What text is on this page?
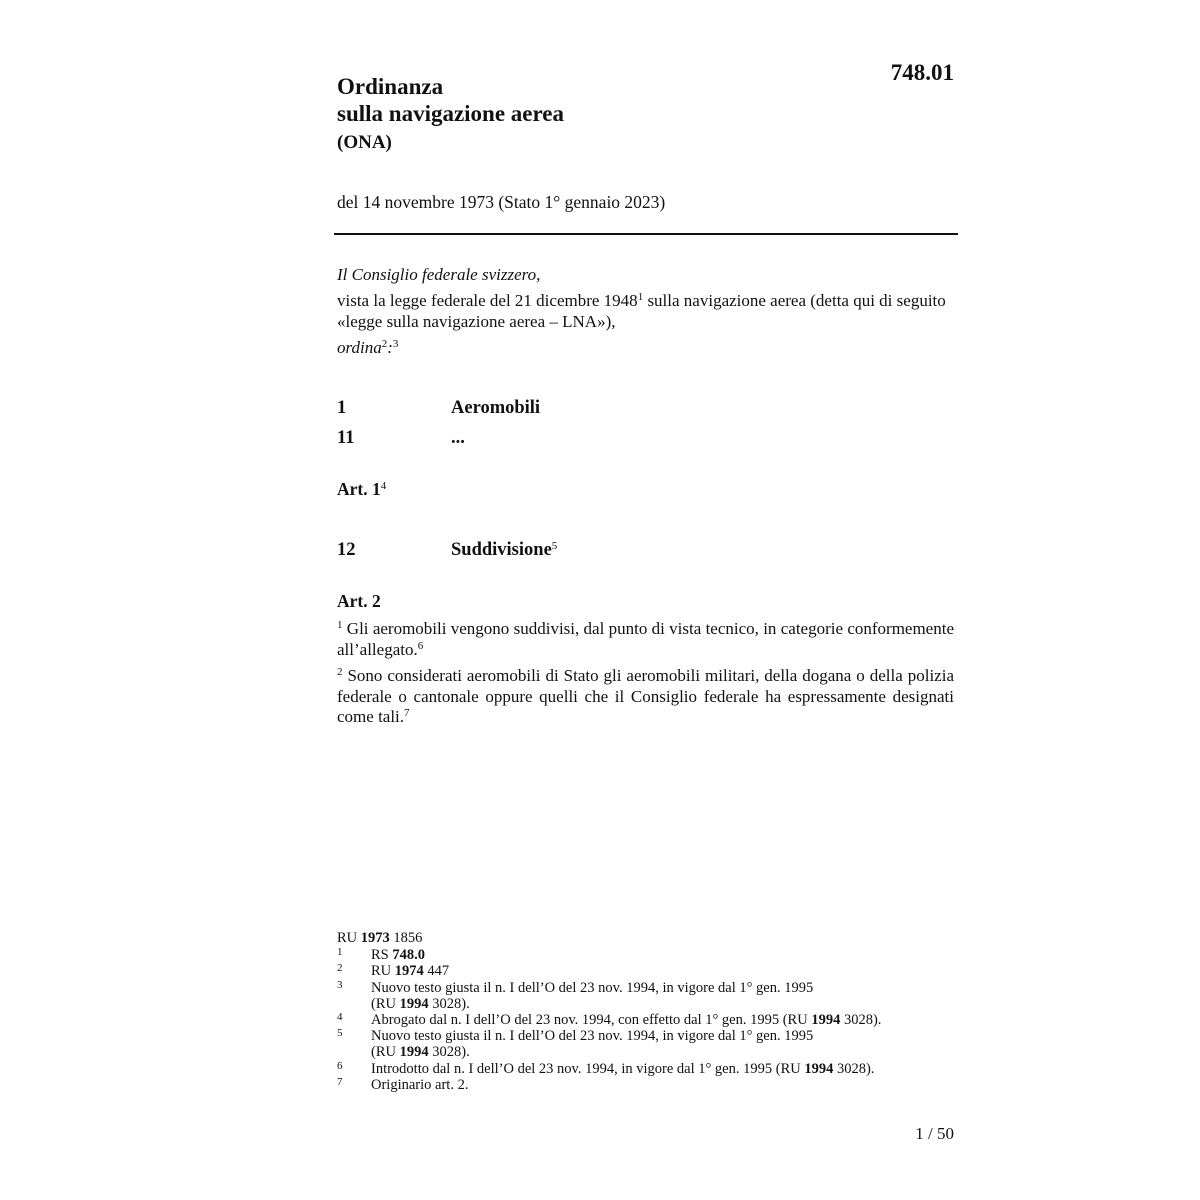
748.01
Ordinanza
sulla navigazione aerea
(ONA)
del 14 novembre 1973 (Stato 1° gennaio 2023)

Il Consiglio federale svizzero,

vista la legge federale del 21 dicembre 1948$^1$ sulla navigazione aerea (detta qui di seguito «legge sulla navigazione aerea – LNA»),

ordina$^2$:$^3$

1	Aeromobili
11	...
Art. $1^4$
12	Suddivisione$^5$
Art. 2
$^1$ Gli aeromobili vengono suddivisi, dal punto di vista tecnico, in categorie conformemente all’allegato.$^6$
$^2$ Sono considerati aeromobili di Stato gli aeromobili militari, della dogana o della polizia federale o cantonale oppure quelli che il Consiglio federale ha espressamente designati come tali.$^7$
RU 1973 1856
1 RS 748.0
2 RU 1974 447
3 Nuovo testo giusta il n. I dell’O del 23 nov. 1994, in vigore dal 1° gen. 1995
(RU 1994 3028).
4 Abrogato dal n. I dell’O del 23 nov. 1994, con effetto dal 1° gen. 1995 (RU 1994 3028).
5 Nuovo testo giusta il n. I dell’O del 23 nov. 1994, in vigore dal 1° gen. 1995
(RU 1994 3028).
6 Introdotto dal n. I dell’O del 23 nov. 1994, in vigore dal 1° gen. 1995 (RU 1994 3028).
7 Originario art. 2.
1 / 50
